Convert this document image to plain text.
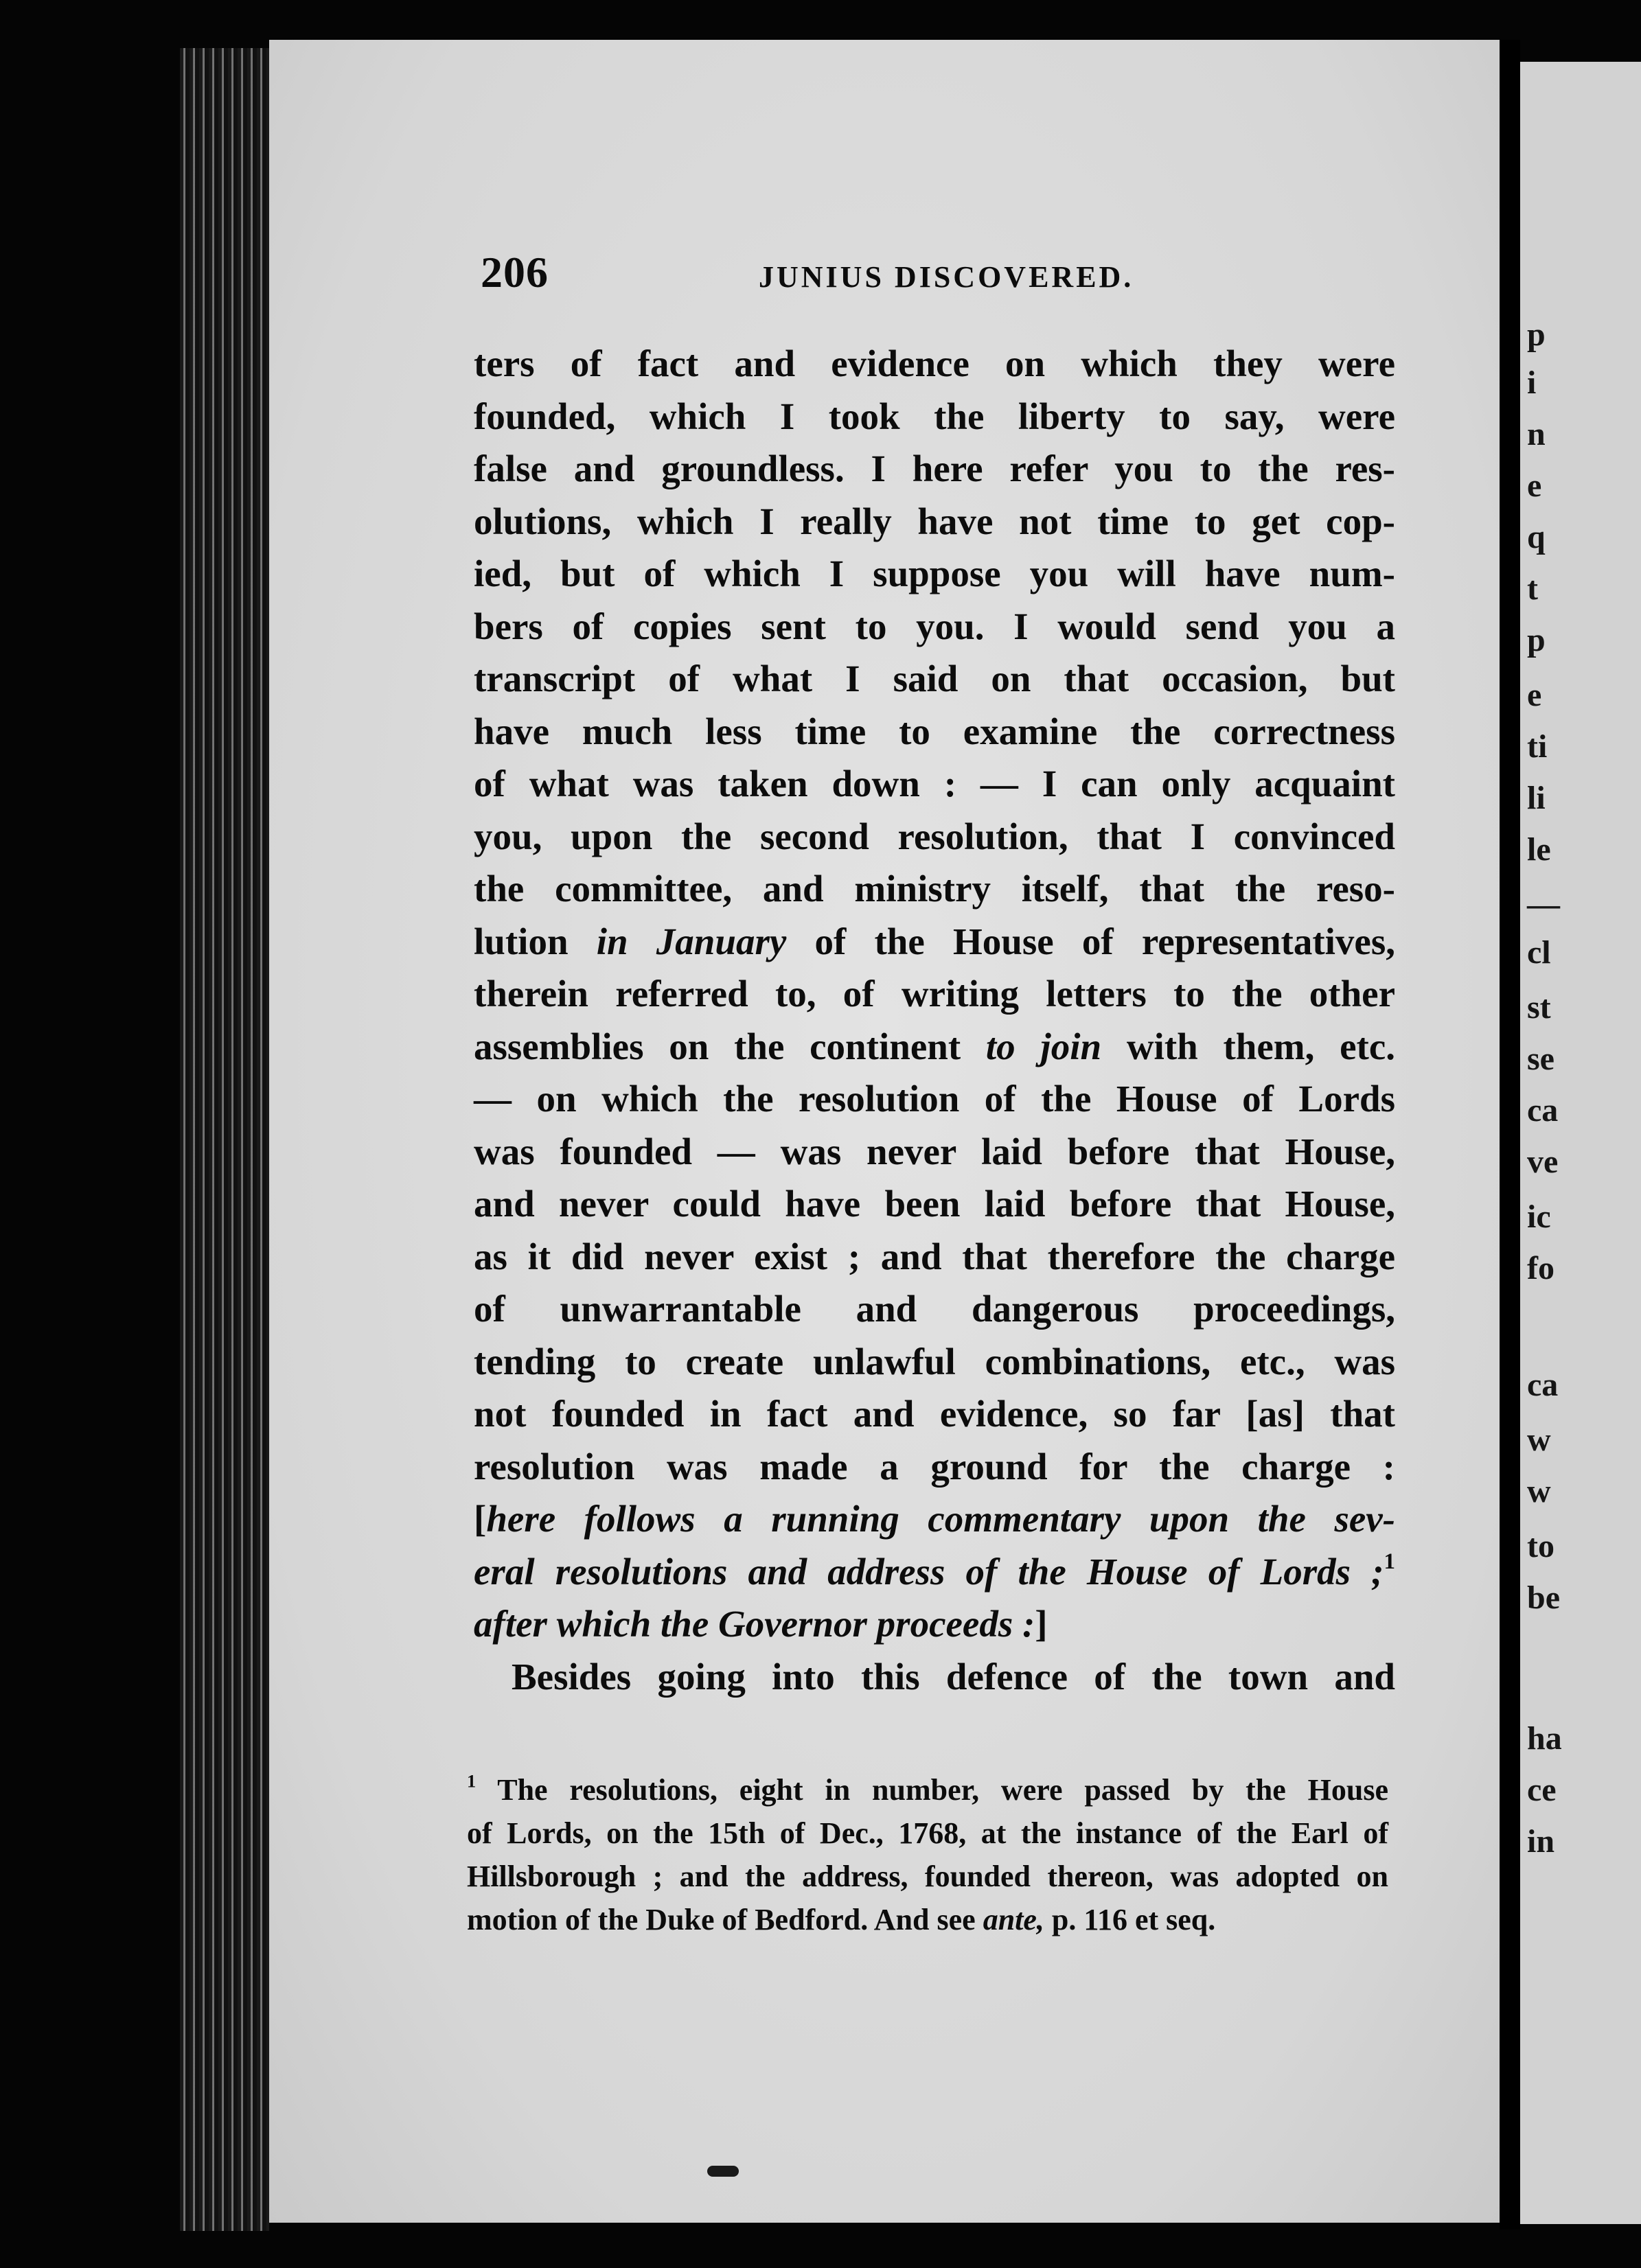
206	JUNIUS DISCOVERED.
ters of fact and evidence on which they were
founded, which I took the liberty to say, were
false and groundless. I here refer you to the res-
olutions, which I really have not time to get cop-
ied, but of which I suppose you will have num-
bers of copies sent to you. I would send you a
transcript of what I said on that occasion, but
have much less time to examine the correctness
of what was taken down : — I can only acquaint
you, upon the second resolution, that I convinced
the committee, and ministry itself, that the reso-
lution in January of the House of representatives,
therein referred to, of writing letters to the other
assemblies on the continent to join with them, etc.
— on which the resolution of the House of Lords
was founded — was never laid before that House,
and never could have been laid before that House,
as it did never exist ; and that therefore the charge
of unwarrantable and dangerous proceedings,
tending to create unlawful combinations, etc., was
not founded in fact and evidence, so far [as] that
resolution was made a ground for the charge :
[here follows a running commentary upon the sev-
eral resolutions and address of the House of Lords ;$^1$
after which the Governor proceeds :]
Besides going into this defence of the town and
$^1$ The resolutions, eight in number, were passed by the House
of Lords, on the 15th of Dec., 1768, at the instance of the Earl of
Hillsborough ; and the address, founded thereon, was adopted on
motion of the Duke of Bedford. And see ante, p. 116 et seq.
p
i
n
e
q
t
p
e
ti
li
le
—
cl
st
se
ca
ve
ic
fo
ca
w
w
to
be
ha
ce
in
